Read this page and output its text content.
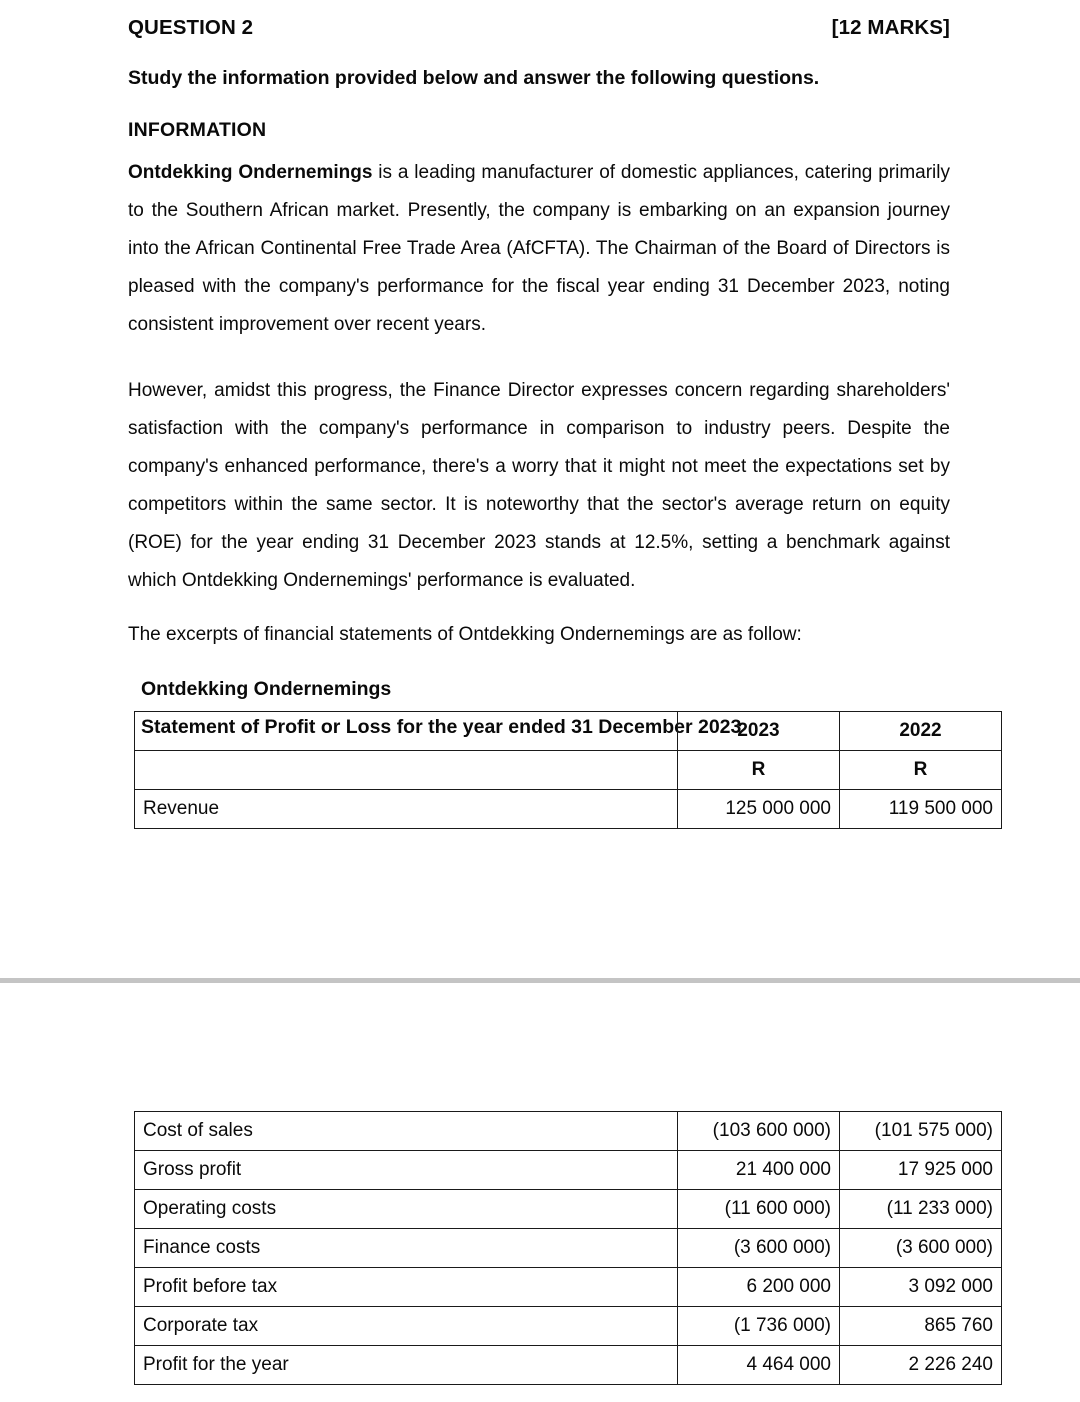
QUESTION 2	[12 MARKS]
Study the information provided below and answer the following questions.
INFORMATION

Ontdekking Ondernemings is a leading manufacturer of domestic appliances, catering primarily to the Southern African market. Presently, the company is embarking on an expansion journey into the African Continental Free Trade Area (AfCFTA). The Chairman of the Board of Directors is pleased with the company's performance for the fiscal year ending 31 December 2023, noting consistent improvement over recent years.

However, amidst this progress, the Finance Director expresses concern regarding shareholders' satisfaction with the company's performance in comparison to industry peers. Despite the company's enhanced performance, there's a worry that it might not meet the expectations set by competitors within the same sector. It is noteworthy that the sector's average return on equity (ROE) for the year ending 31 December 2023 stands at 12.5%, setting a benchmark against which Ontdekking Ondernemings' performance is evaluated.

The excerpts of financial statements of Ontdekking Ondernemings are as follow:

Ontdekking Ondernemings
Statement of Profit or Loss for the year ended 31 December 2023
	2023	2022
	R	R
Revenue	125 000 000	119 500 000
Cost of sales	(103 600 000)	(101 575 000)
Gross profit	21 400 000	17 925 000
Operating costs	(11 600 000)	(11 233 000)
Finance costs	(3 600 000)	(3 600 000)
Profit before tax	6 200 000	3 092 000
Corporate tax	(1 736 000)	865 760
Profit for the year	4 464 000	2 226 240
